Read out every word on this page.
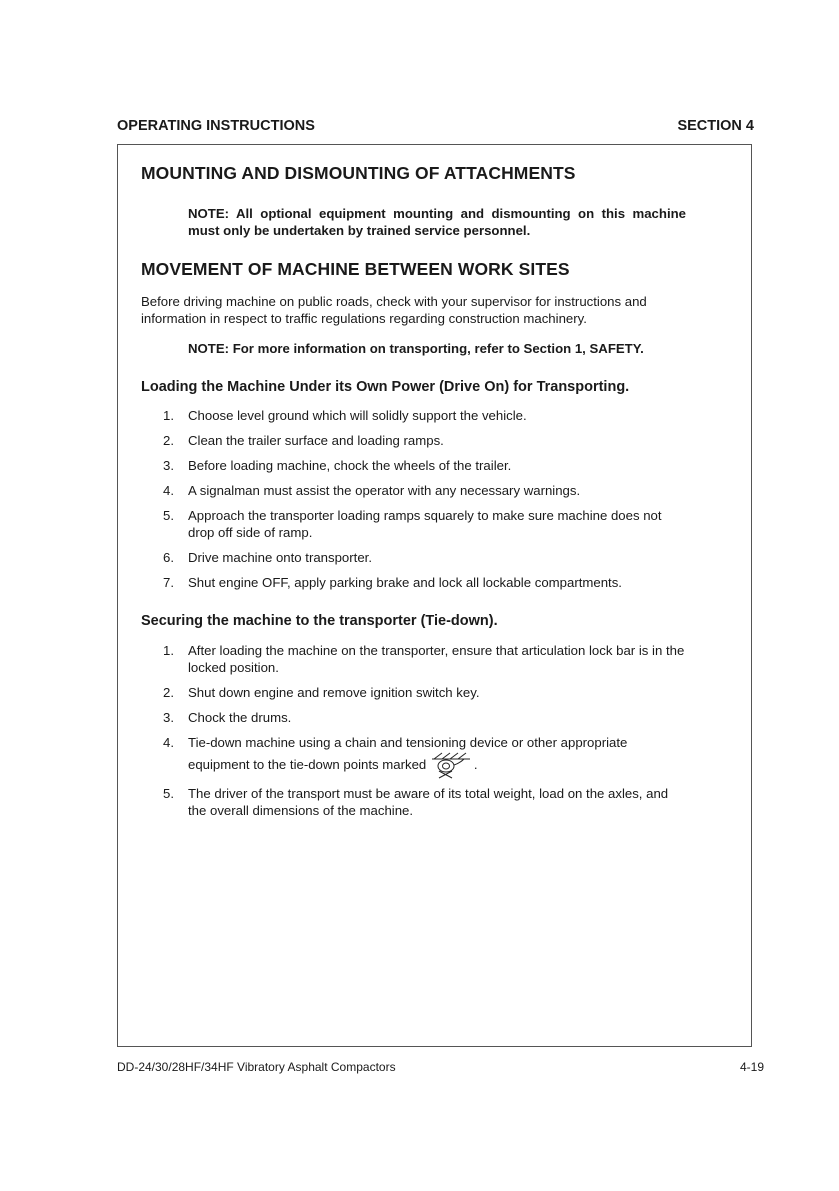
OPERATING INSTRUCTIONS	SECTION 4
MOUNTING AND DISMOUNTING OF ATTACHMENTS

NOTE: All optional equipment mounting and dismounting on this machine must only be undertaken by trained service personnel.

MOVEMENT OF MACHINE BETWEEN WORK SITES

Before driving machine on public roads, check with your supervisor for instructions and information in respect to traffic regulations regarding construction machinery.

NOTE: For more information on transporting, refer to Section 1, SAFETY.

Loading the Machine Under its Own Power (Drive On) for Transporting.
1. Choose level ground which will solidly support the vehicle.
2. Clean the trailer surface and loading ramps.
3. Before loading machine, chock the wheels of the trailer.
4. A signalman must assist the operator with any necessary warnings.
5. Approach the transporter loading ramps squarely to make sure machine does not drop off side of ramp.
6. Drive machine onto transporter.
7. Shut engine OFF, apply parking brake and lock all lockable compartments.
Securing the machine to the transporter (Tie-down).
1. After loading the machine on the transporter, ensure that articulation lock bar is in the locked position.
2. Shut down engine and remove ignition switch key.
3. Chock the drums.
4. Tie-down machine using a chain and tensioning device or other appropriate equipment to the tie-down points marked	.
5. The driver of the transport must be aware of its total weight, load on the axles, and the overall dimensions of the machine.
DD-24/30/28HF/34HF Vibratory Asphalt Compactors	4-19
